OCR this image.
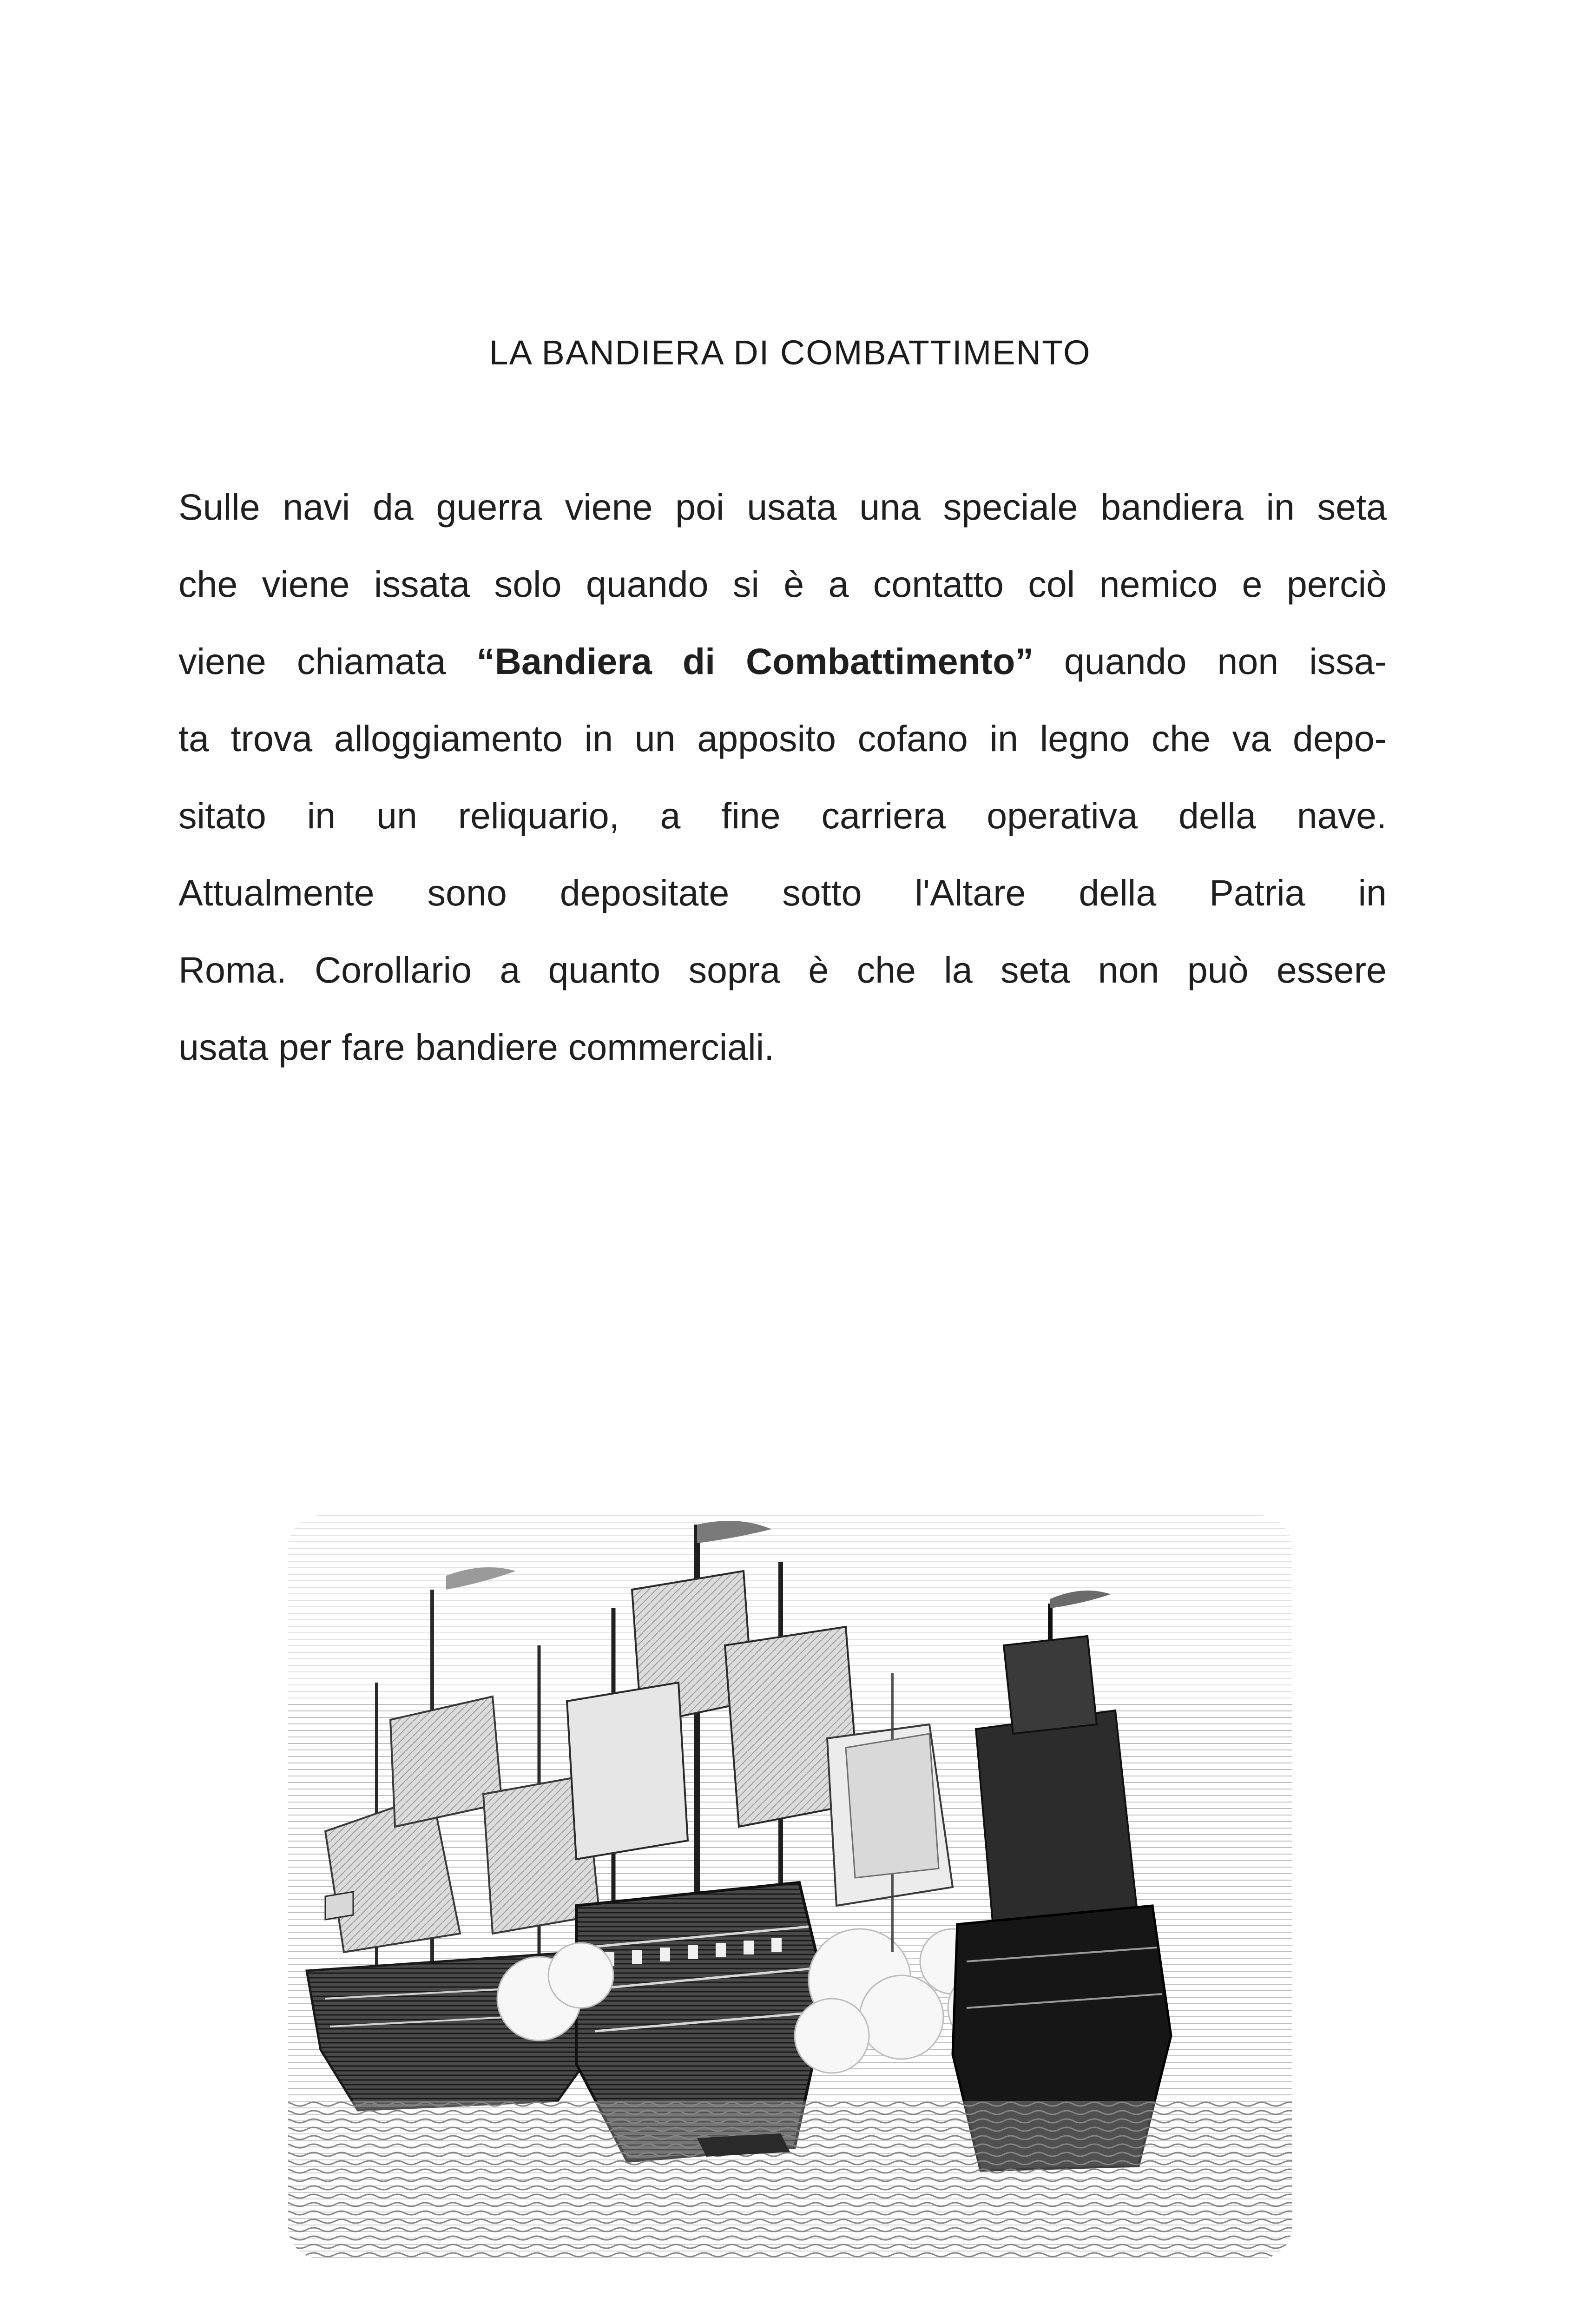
LA BANDIERA DI COMBATTIMENTO
Sulle navi da guerra viene poi usata una speciale bandiera in seta
che viene issata solo quando si è a contatto col nemico e perciò
viene chiamata “Bandiera di Combattimento” quando non issa-
ta trova alloggiamento in un apposito cofano in legno che va depo-
sitato in un reliquario, a fine carriera operativa della nave.
Attualmente sono depositate sotto l'Altare della Patria in
Roma. Corollario a quanto sopra è che la seta non può essere
usata per fare bandiere commerciali.
